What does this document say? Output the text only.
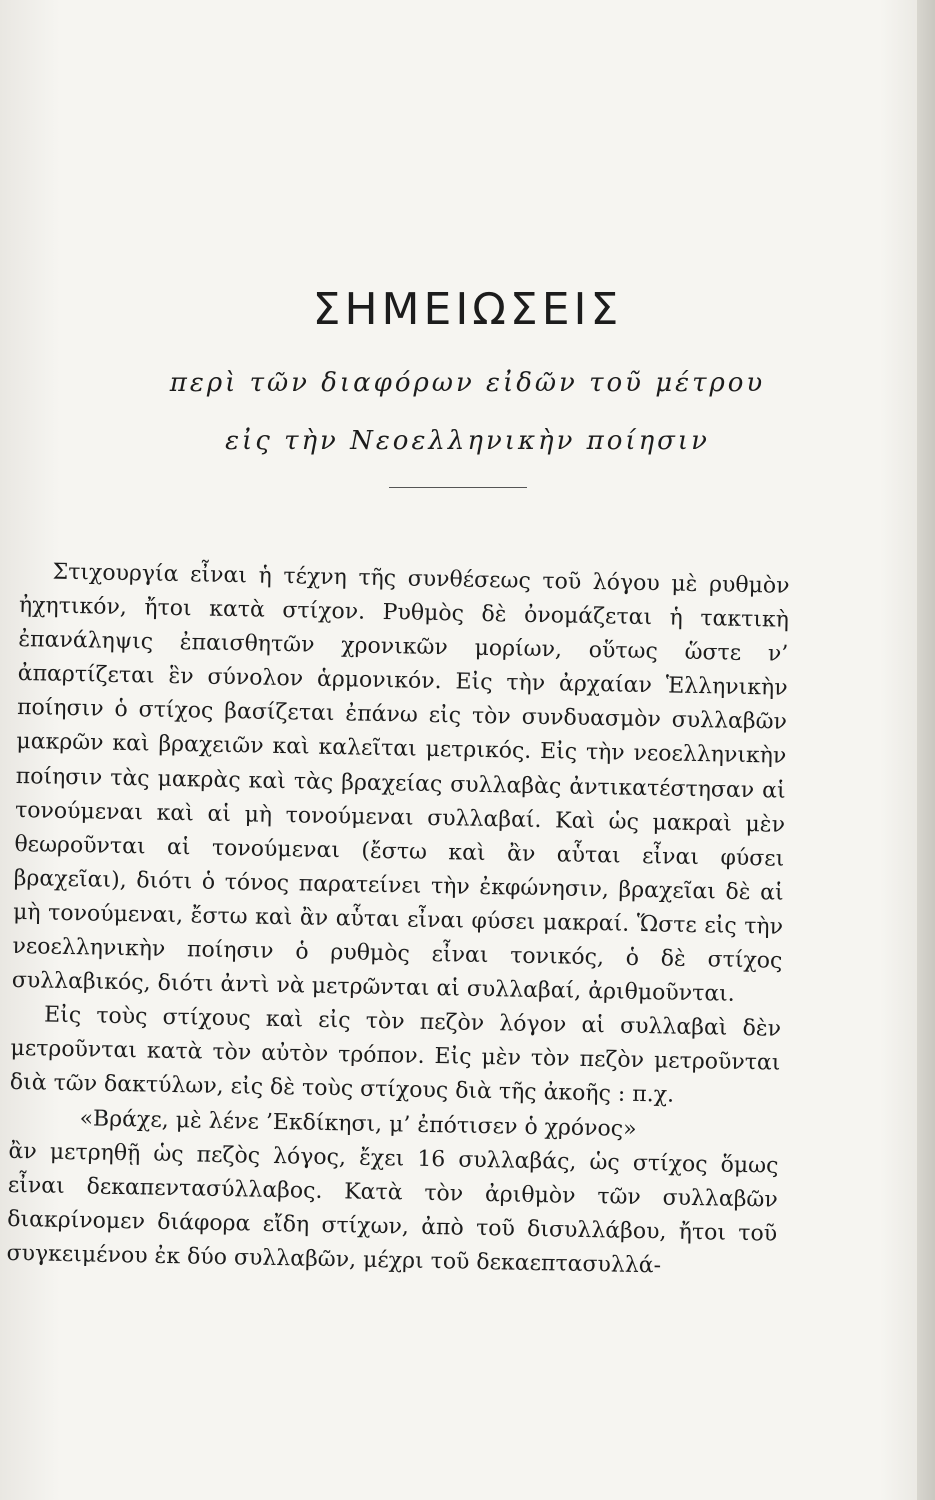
ΣΗΜΕΙΩΣΕΙΣ

περὶ τῶν διαφόρων εἰδῶν τοῦ μέτρου

εἰς τὴν Νεοελληνικὴν ποίησιν

Στιχουργία εἶναι ἡ τέχνη τῆς συνθέσεως τοῦ λόγου μὲ ρυθμὸν ἠχητικόν, ἤτοι κατὰ στίχον. Ρυθμὸς δὲ ὀνομάζεται ἡ τακτικὴ ἐπανάληψις ἐπαισθητῶν χρονικῶν μορίων, οὕτως ὥστε ν’ ἀπαρτίζεται ἓν σύνολον ἁρμονικόν. Εἰς τὴν ἀρχαίαν Ἑλληνικὴν ποίησιν ὁ στίχος βασίζεται ἐπάνω εἰς τὸν συνδυασμὸν συλλαβῶν μακρῶν καὶ βραχειῶν καὶ καλεῖται μετρικός. Εἰς τὴν νεοελληνικὴν ποίησιν τὰς μακρὰς καὶ τὰς βραχείας συλλαβὰς ἀντικατέστησαν αἱ τονούμεναι καὶ αἱ μὴ τονούμεναι συλλαβαί. Καὶ ὡς μακραὶ μὲν θεωροῦνται αἱ τονούμεναι (ἔστω καὶ ἂν αὗται εἶναι φύσει βραχεῖαι), διότι ὁ τόνος παρατείνει τὴν ἐκφώνησιν, βραχεῖαι δὲ αἱ μὴ τονούμεναι, ἔστω καὶ ἂν αὗται εἶναι φύσει μακραί. Ὥστε εἰς τὴν νεοελληνικὴν ποίησιν ὁ ρυθμὸς εἶναι τονικός, ὁ δὲ στίχος συλλαβικός, διότι ἀντὶ νὰ μετρῶνται αἱ συλλαβαί, ἀριθμοῦνται.

Εἰς τοὺς στίχους καὶ εἰς τὸν πεζὸν λόγον αἱ συλλαβαὶ δὲν μετροῦνται κατὰ τὸν αὐτὸν τρόπον. Εἰς μὲν τὸν πεζὸν μετροῦνται διὰ τῶν δακτύλων, εἰς δὲ τοὺς στίχους διὰ τῆς ἀκοῆς : π.χ.

«Βράχε, μὲ λένε ’Εκδίκησι, μ’ ἐπότισεν ὁ χρόνος»

ἂν μετρηθῇ ὡς πεζὸς λόγος, ἔχει 16 συλλαβάς, ὡς στίχος ὅμως εἶναι δεκαπεντασύλλαβος. Κατὰ τὸν ἀριθμὸν τῶν συλλαβῶν διακρίνομεν διάφορα εἴδη στίχων, ἀπὸ τοῦ δισυλλάβου, ἤτοι τοῦ συγκειμένου ἐκ δύο συλλαβῶν, μέχρι τοῦ δεκαεπτασυλλά-
